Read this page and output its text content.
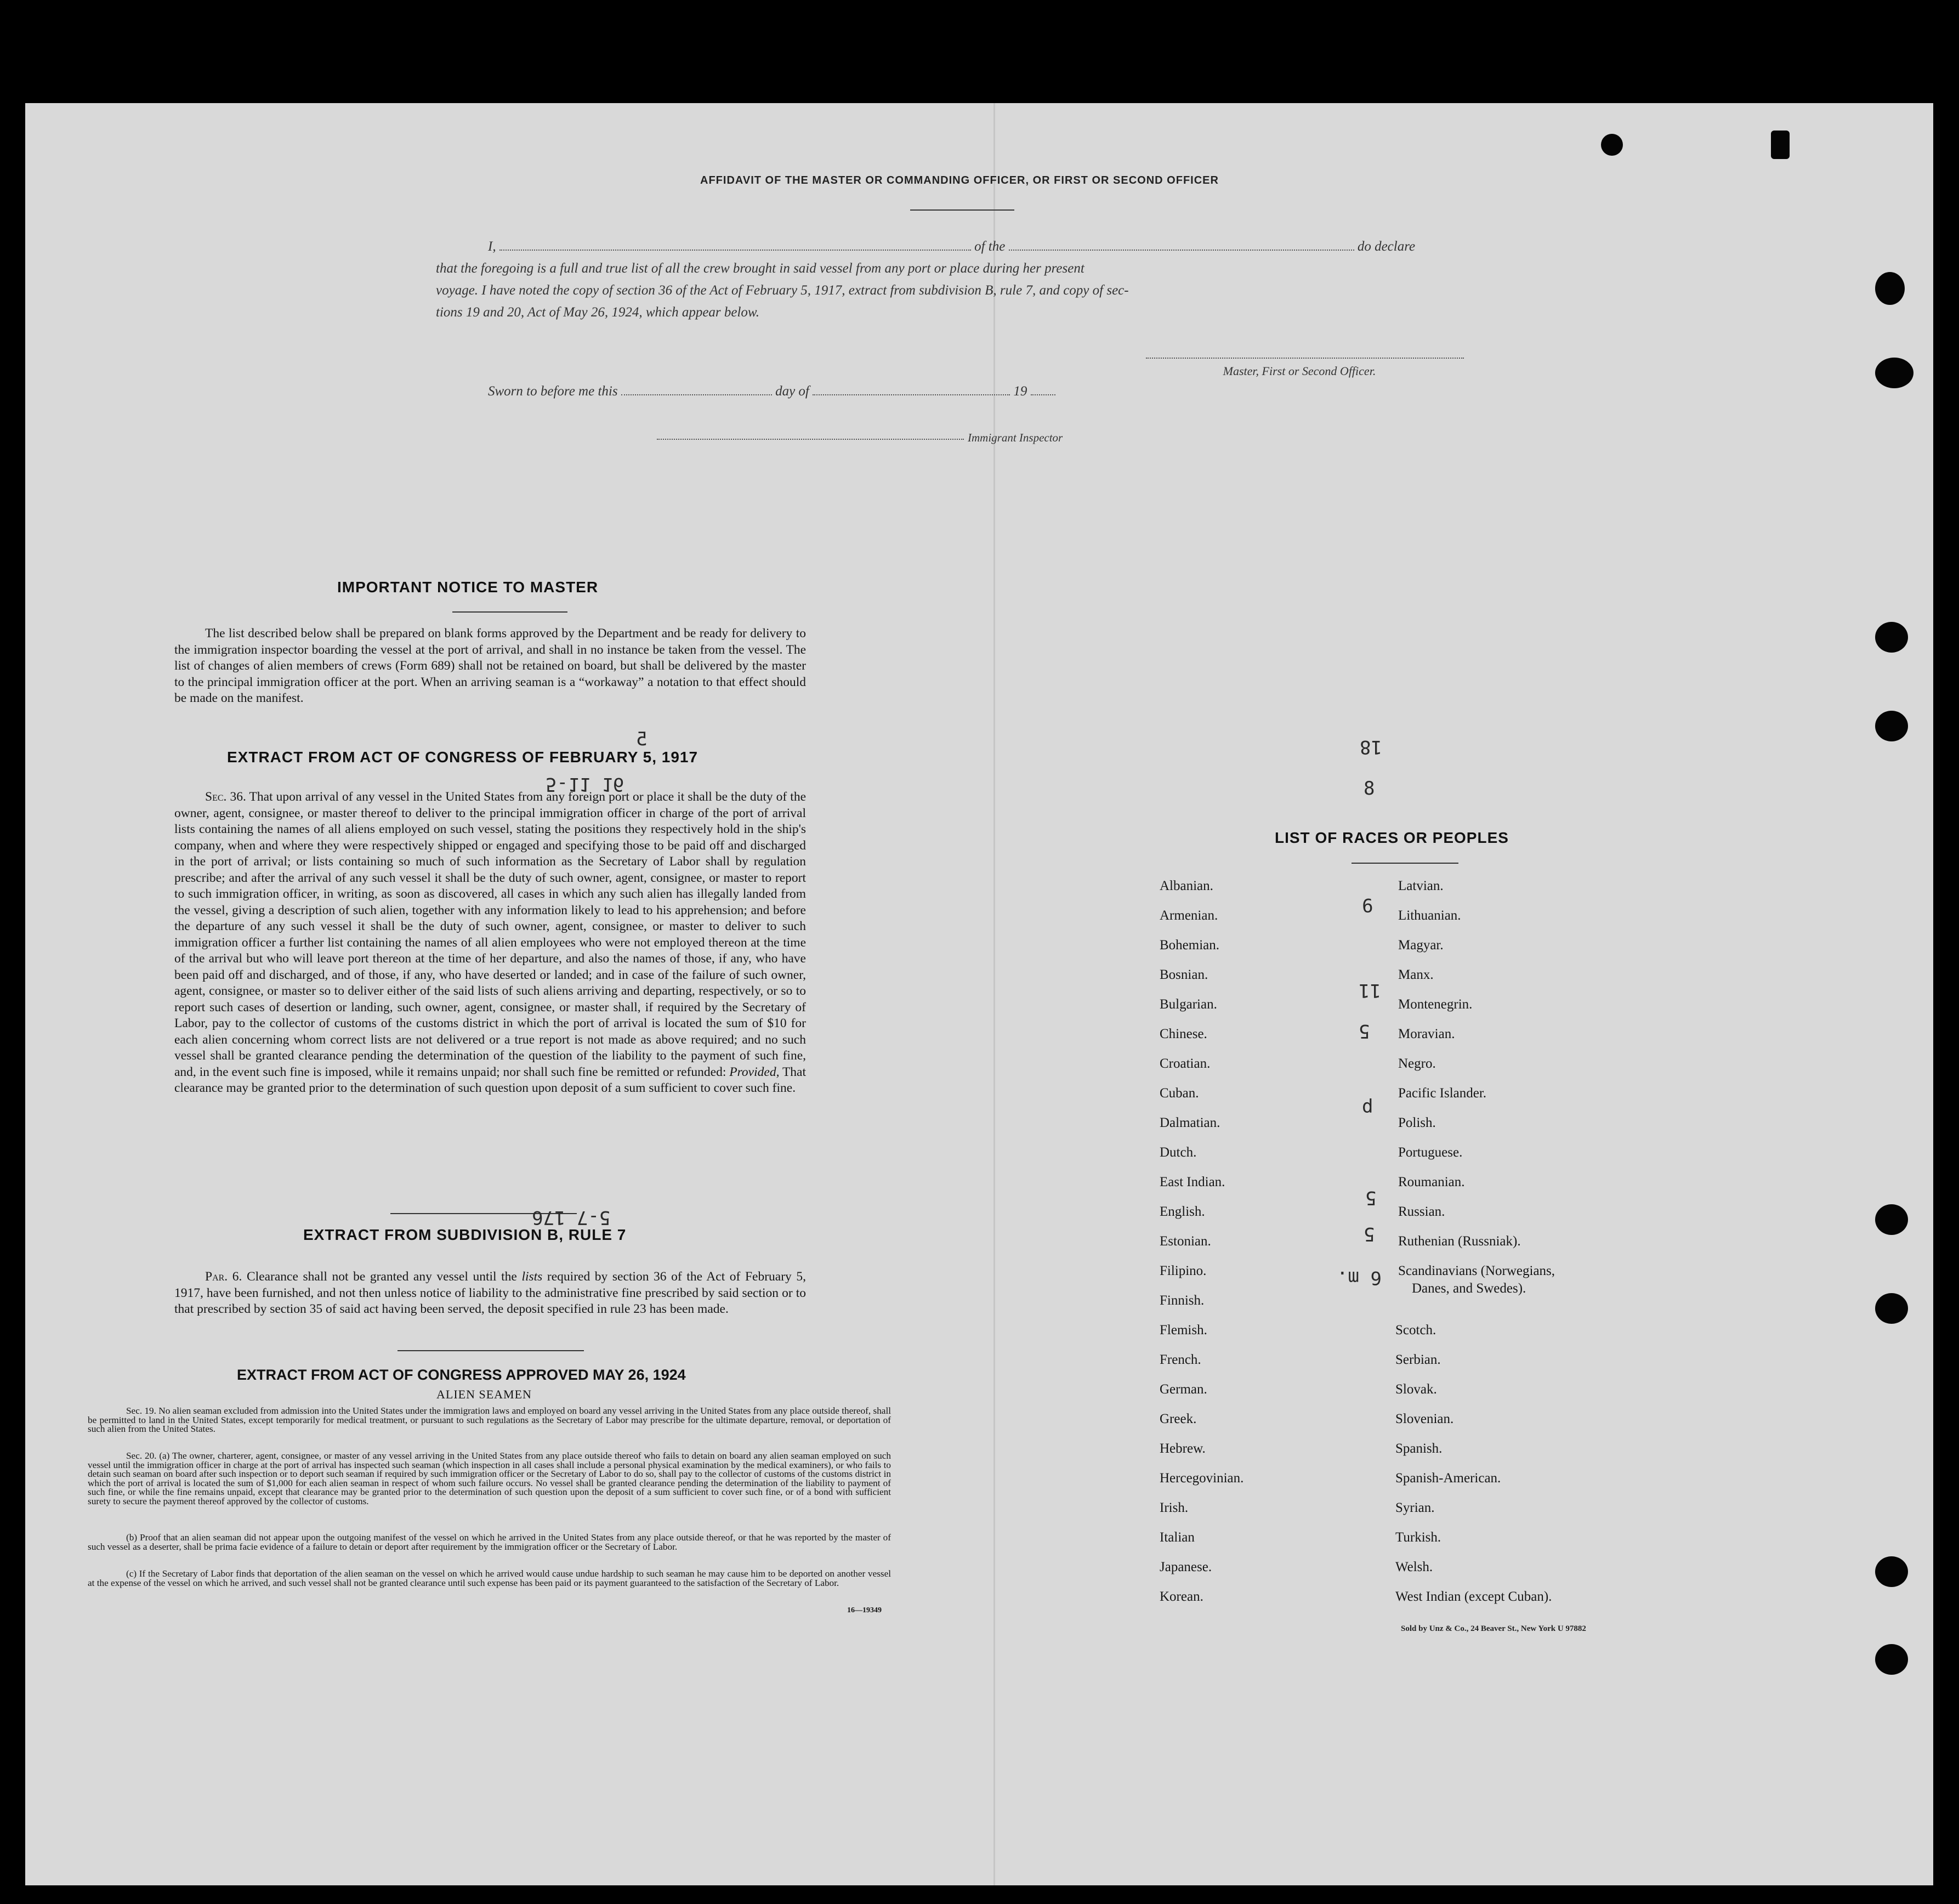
AFFIDAVIT OF THE MASTER OR COMMANDING OFFICER, OR FIRST OR SECOND OFFICER
I,	of the	do declare
that the foregoing is a full and true list of all the crew brought in said vessel from any port or place during her present
voyage. I have noted the copy of section 36 of the Act of February 5, 1917, extract from subdivision B, rule 7, and copy of sec-
tions 19 and 20, Act of May 26, 1924, which appear below.
Master, First or Second Officer.
Sworn to before me this	day of	19
Immigrant Inspector
IMPORTANT NOTICE TO MASTER
The list described below shall be prepared on blank forms approved by the Department and be ready for delivery to the immigration inspector boarding the vessel at the port of arrival, and shall in no instance be taken from the vessel. The list of changes of alien members of crews (Form 689) shall not be retained on board, but shall be delivered by the master to the principal immigration officer at the port. When an arriving seaman is a “workaway” a notation to that effect should be made on the manifest.
EXTRACT FROM ACT OF CONGRESS OF FEBRUARY 5, 1917
Sec. 36. That upon arrival of any vessel in the United States from any foreign port or place it shall be the duty of the owner, agent, consignee, or master thereof to deliver to the principal immigration officer in charge of the port of arrival lists containing the names of all aliens employed on such vessel, stating the positions they respectively hold in the ship's company, when and where they were respectively shipped or engaged and specifying those to be paid off and discharged in the port of arrival; or lists containing so much of such information as the Secretary of Labor shall by regulation prescribe; and after the arrival of any such vessel it shall be the duty of such owner, agent, consignee, or master to report to such immigration officer, in writing, as soon as discovered, all cases in which any such alien has illegally landed from the vessel, giving a description of such alien, together with any information likely to lead to his apprehension; and before the departure of any such vessel it shall be the duty of such owner, agent, consignee, or master to deliver to such immigration officer a further list containing the names of all alien employees who were not employed thereon at the time of the arrival but who will leave port thereon at the time of her departure, and also the names of those, if any, who have been paid off and discharged, and of those, if any, who have deserted or landed; and in case of the failure of such owner, agent, consignee, or master so to deliver either of the said lists of such aliens arriving and departing, respectively, or so to report such cases of desertion or landing, such owner, agent, consignee, or master shall, if required by the Secretary of Labor, pay to the collector of customs of the customs district in which the port of arrival is located the sum of $10 for each alien concerning whom correct lists are not delivered or a true report is not made as above required; and no such vessel shall be granted clearance pending the determination of the question of the liability to the payment of such fine, and, in the event such fine is imposed, while it remains unpaid; nor shall such fine be remitted or refunded: Provided, That clearance may be granted prior to the determination of such question upon deposit of a sum sufficient to cover such fine.
EXTRACT FROM SUBDIVISION B, RULE 7
Par. 6. Clearance shall not be granted any vessel until the lists required by section 36 of the Act of February 5, 1917, have been furnished, and not then unless notice of liability to the administrative fine prescribed by said section or to that prescribed by section 35 of said act having been served, the deposit specified in rule 23 has been made.
EXTRACT FROM ACT OF CONGRESS APPROVED MAY 26, 1924
ALIEN SEAMEN
Sec. 19. No alien seaman excluded from admission into the United States under the immigration laws and employed on board any vessel arriving in the United States from any place outside thereof, shall be permitted to land in the United States, except temporarily for medical treatment, or pursuant to such regulations as the Secretary of Labor may prescribe for the ultimate departure, removal, or deportation of such alien from the United States.
Sec. 20. (a) The owner, charterer, agent, consignee, or master of any vessel arriving in the United States from any place outside thereof who fails to detain on board any alien seaman employed on such vessel until the immigration officer in charge at the port of arrival has inspected such seaman (which inspection in all cases shall include a personal physical examination by the medical examiners), or who fails to detain such seaman on board after such inspection or to deport such seaman if required by such immigration officer or the Secretary of Labor to do so, shall pay to the collector of customs of the customs district in which the port of arrival is located the sum of $1,000 for each alien seaman in respect of whom such failure occurs. No vessel shall be granted clearance pending the determination of the liability to payment of such fine, or while the fine remains unpaid, except that clearance may be granted prior to the determination of such question upon the deposit of a sum sufficient to cover such fine, or of a bond with sufficient surety to secure the payment thereof approved by the collector of customs.
(b) Proof that an alien seaman did not appear upon the outgoing manifest of the vessel on which he arrived in the United States from any place outside thereof, or that he was reported by the master of such vessel as a deserter, shall be prima facie evidence of a failure to detain or deport after requirement by the immigration officer or the Secretary of Labor.
(c) If the Secretary of Labor finds that deportation of the alien seaman on the vessel on which he arrived would cause undue hardship to such seaman he may cause him to be deported on another vessel at the expense of the vessel on which he arrived, and such vessel shall not be granted clearance until such expense has been paid or its payment guaranteed to the satisfaction of the Secretary of Labor.
16—19349
LIST OF RACES OR PEOPLES
Albanian.
Armenian.
Bohemian.
Bosnian.
Bulgarian.
Chinese.
Croatian.
Cuban.
Dalmatian.
Dutch.
East Indian.
English.
Estonian.
Filipino.
Finnish.
Flemish.
French.
German.
Greek.
Hebrew.
Hercegovinian.
Irish.
Italian
Japanese.
Korean.
Latvian.
Lithuanian.
Magyar.
Manx.
Montenegrin.
Moravian.
Negro.
Pacific Islander.
Polish.
Portuguese.
Roumanian.
Russian.
Ruthenian (Russniak).
Scandinavians (Norwegians,
Danes, and Swedes).
Scotch.
Serbian.
Slovak.
Slovenian.
Spanish.
Spanish-American.
Syrian.
Turkish.
Welsh.
West Indian (except Cuban).
Sold by Unz & Co., 24 Beaver St., New York U 97882
5
5-11 16
18
8
9
11
5
d
5
5
6 m.
5-7 176
